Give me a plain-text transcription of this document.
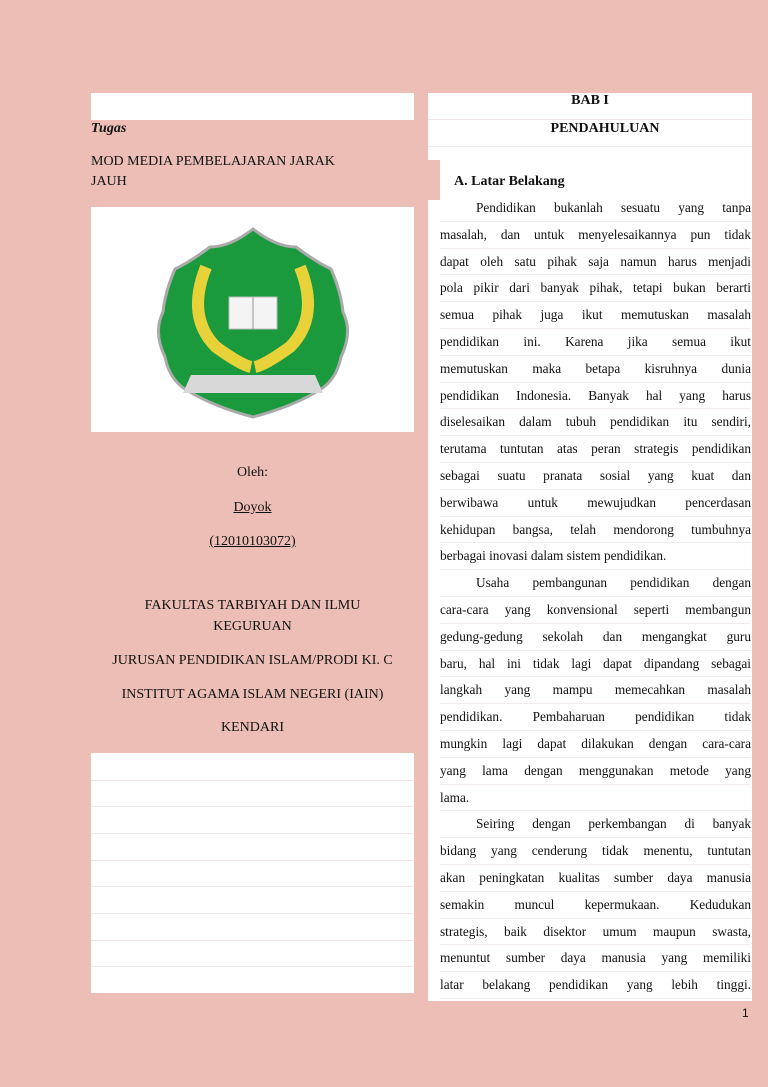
Tugas
MOD MEDIA PEMBELAJARAN JARAK
JAUH
Oleh:
Doyok
(12010103072)
FAKULTAS TARBIYAH DAN ILMU
KEGURUAN
JURUSAN PENDIDIKAN ISLAM/PRODI KI. C
INSTITUT AGAMA ISLAM NEGERI (IAIN)
KENDARI
BAB I
PENDAHULUAN
A. Latar Belakang
Pendidikan bukanlah sesuatu yang tanpa
masalah, dan untuk menyelesaikannya pun tidak
dapat oleh satu pihak saja namun harus menjadi
pola pikir dari banyak pihak, tetapi bukan berarti
semua pihak juga ikut memutuskan masalah
pendidikan ini. Karena jika semua ikut
memutuskan maka betapa kisruhnya dunia
pendidikan Indonesia. Banyak hal yang harus
diselesaikan dalam tubuh pendidikan itu sendiri,
terutama tuntutan atas peran strategis pendidikan
sebagai suatu pranata sosial yang kuat dan
berwibawa untuk mewujudkan pencerdasan
kehidupan bangsa, telah mendorong tumbuhnya
berbagai inovasi dalam sistem pendidikan.
Usaha pembangunan pendidikan dengan
cara-cara yang konvensional seperti membangun
gedung-gedung sekolah dan mengangkat guru
baru, hal ini tidak lagi dapat dipandang sebagai
langkah yang mampu memecahkan masalah
pendidikan. Pembaharuan pendidikan tidak
mungkin lagi dapat dilakukan dengan cara-cara
yang lama dengan menggunakan metode yang
lama.
Seiring dengan perkembangan di banyak
bidang yang cenderung tidak menentu, tuntutan
akan peningkatan kualitas sumber daya manusia
semakin muncul kepermukaan. Kedudukan
strategis, baik disektor umum maupun swasta,
menuntut sumber daya manusia yang memiliki
latar belakang pendidikan yang lebih tinggi.
1
